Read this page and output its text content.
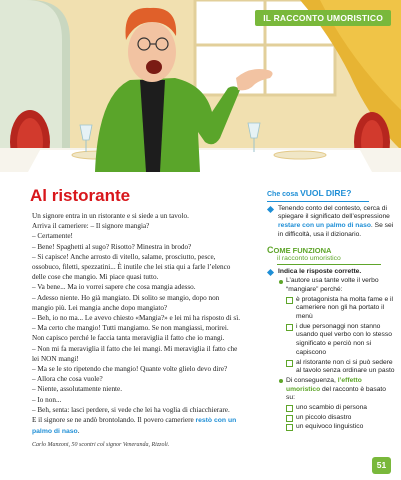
IL RACCONTO UMORISTICO
Al ristorante

Un signore entra in un ristorante e si siede a un tavolo.

Arriva il cameriere: – Il signore mangia?

– Certamente!

– Bene! Spaghetti al sugo? Risotto? Minestra in brodo?

– Si capisce! Anche arrosto di vitello, salame, prosciutto, pesce,

ossobuco, filetti, spezzatini... È inutile che lei stia qui a farle l’elenco

delle cose che mangio. Mi piace quasi tutto.

– Va bene... Ma io vorrei sapere che cosa mangia adesso.

– Adesso niente. Ho già mangiato. Di solito se mangio, dopo non

mangio più. Lei mangia anche dopo mangiato?

– Beh, io no ma... Le avevo chiesto «Mangia?» e lei mi ha risposto di sì.

– Ma certo che mangio! Tutti mangiamo. Se non mangiassi, morirei.

Non capisco perché le faccia tanta meraviglia il fatto che io mangi.

– Non mi fa meraviglia il fatto che lei mangi. Mi meraviglia il fatto che

lei NON mangi!

– Ma se le sto ripetendo che mangio! Quante volte glielo devo dire?

– Allora che cosa vuole?

– Niente, assolutamente niente.

– Io non...

– Beh, senta: lasci perdere, si vede che lei ha voglia di chiacchierare.

E il signore se ne andò brontolando. Il povero cameriere restò con un

palmo di naso.

Carlo Manzoni, 50 scontri col signor Veneranda, Rizzoli.

Che cosa VUOL DIRE?
Tenendo conto del contesto, cerca di spiegare il significato dell’espressione restare con un palmo di naso. Se sei in difficoltà, usa il dizionario.
COME FUNZIONA
il racconto umoristico
Indica le risposte corrette.
L’autore usa tante volte il verbo “mangiare” perché:
è protagonista ha molta fame e il cameriere non gli ha portato il menù
i due personaggi non stanno usando quel verbo con lo stesso significato e perciò non si capiscono
al ristorante non ci si può sedere al tavolo senza ordinare un pasto
Di conseguenza, l’effetto umoristico del racconto è basato su:
uno scambio di persona
un piccolo disastro
un equivoco linguistico
51
